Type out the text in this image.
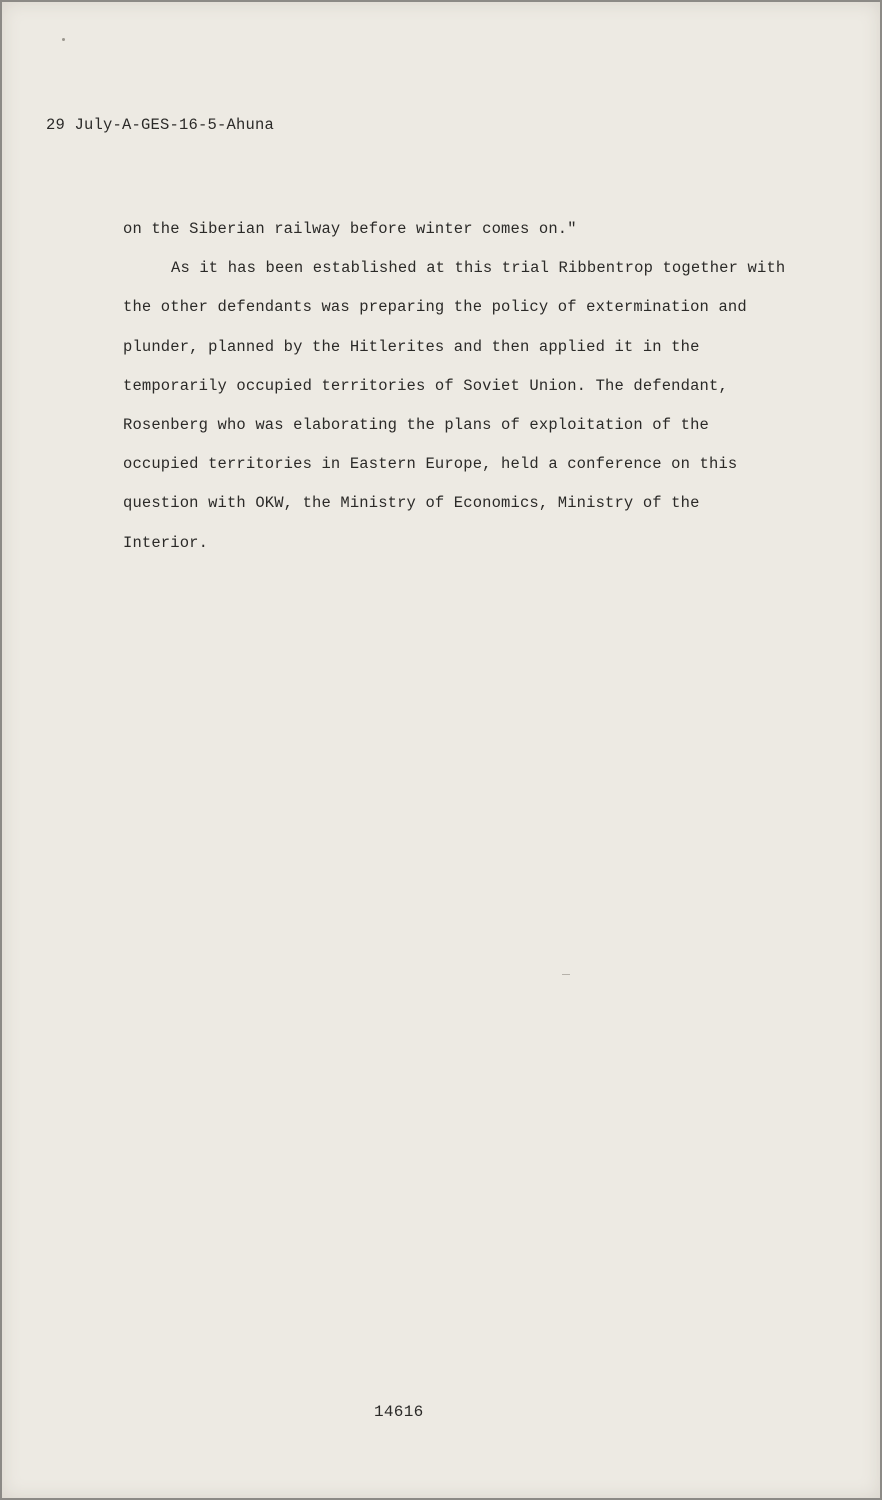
29 July-A-GES-16-5-Ahuna
on the Siberian railway before winter comes on."
As it has been established at this trial Ribbentrop together with
the other defendants was preparing the policy of extermination and
plunder, planned by the Hitlerites and then applied it in the
temporarily occupied territories of Soviet Union. The defendant,
Rosenberg who was elaborating the plans of exploitation of the
occupied territories in Eastern Europe, held a conference on this
question with OKW, the Ministry of Economics, Ministry of the
Interior.
14616
